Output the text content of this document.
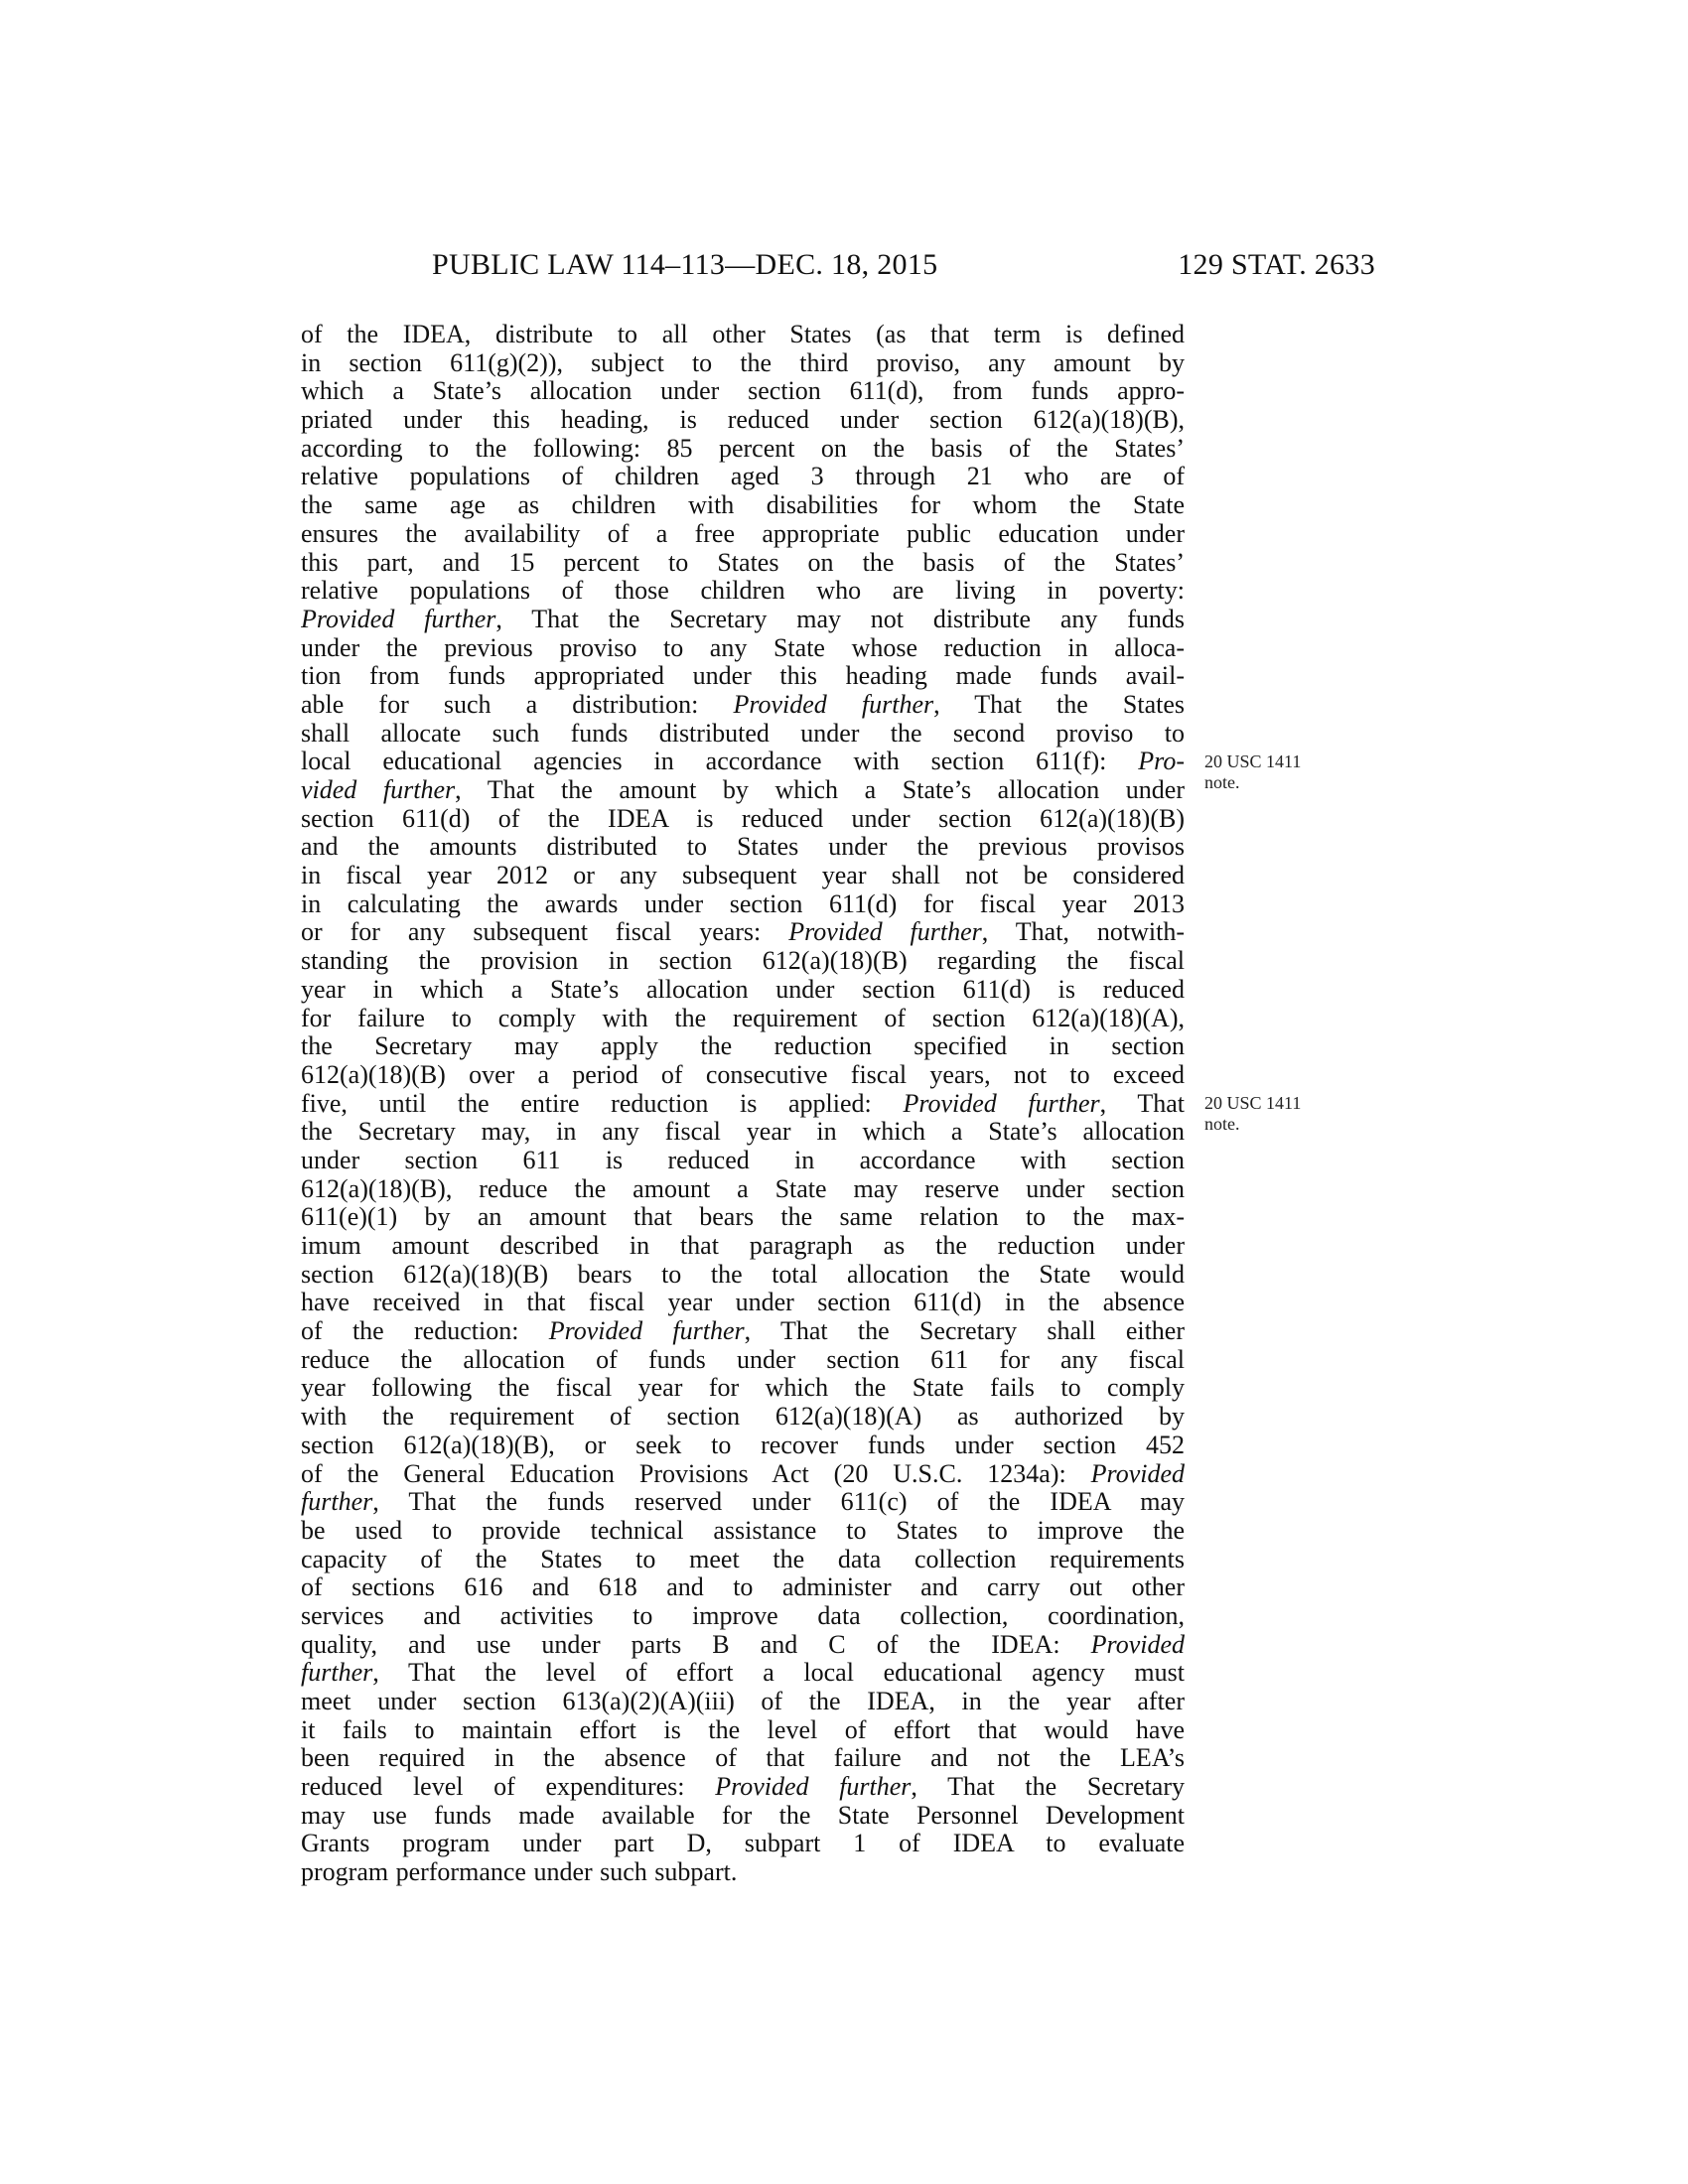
PUBLIC LAW 114–113—DEC. 18, 2015	129 STAT. 2633
of the IDEA, distribute to all other States (as that term is defined
in section 611(g)(2)), subject to the third proviso, any amount by
which a State’s allocation under section 611(d), from funds appro-
priated under this heading, is reduced under section 612(a)(18)(B),
according to the following: 85 percent on the basis of the States’
relative populations of children aged 3 through 21 who are of
the same age as children with disabilities for whom the State
ensures the availability of a free appropriate public education under
this part, and 15 percent to States on the basis of the States’
relative populations of those children who are living in poverty:
Provided further, That the Secretary may not distribute any funds
under the previous proviso to any State whose reduction in alloca-
tion from funds appropriated under this heading made funds avail-
able for such a distribution: Provided further, That the States
shall allocate such funds distributed under the second proviso to
local educational agencies in accordance with section 611(f): Pro-
vided further, That the amount by which a State’s allocation under
section 611(d) of the IDEA is reduced under section 612(a)(18)(B)
and the amounts distributed to States under the previous provisos
in fiscal year 2012 or any subsequent year shall not be considered
in calculating the awards under section 611(d) for fiscal year 2013
or for any subsequent fiscal years: Provided further, That, notwith-
standing the provision in section 612(a)(18)(B) regarding the fiscal
year in which a State’s allocation under section 611(d) is reduced
for failure to comply with the requirement of section 612(a)(18)(A),
the Secretary may apply the reduction specified in section
612(a)(18)(B) over a period of consecutive fiscal years, not to exceed
five, until the entire reduction is applied: Provided further, That
the Secretary may, in any fiscal year in which a State’s allocation
under section 611 is reduced in accordance with section
612(a)(18)(B), reduce the amount a State may reserve under section
611(e)(1) by an amount that bears the same relation to the max-
imum amount described in that paragraph as the reduction under
section 612(a)(18)(B) bears to the total allocation the State would
have received in that fiscal year under section 611(d) in the absence
of the reduction: Provided further, That the Secretary shall either
reduce the allocation of funds under section 611 for any fiscal
year following the fiscal year for which the State fails to comply
with the requirement of section 612(a)(18)(A) as authorized by
section 612(a)(18)(B), or seek to recover funds under section 452
of the General Education Provisions Act (20 U.S.C. 1234a): Provided
further, That the funds reserved under 611(c) of the IDEA may
be used to provide technical assistance to States to improve the
capacity of the States to meet the data collection requirements
of sections 616 and 618 and to administer and carry out other
services and activities to improve data collection, coordination,
quality, and use under parts B and C of the IDEA: Provided
further, That the level of effort a local educational agency must
meet under section 613(a)(2)(A)(iii) of the IDEA, in the year after
it fails to maintain effort is the level of effort that would have
been required in the absence of that failure and not the LEA’s
reduced level of expenditures: Provided further, That the Secretary
may use funds made available for the State Personnel Development
Grants program under part D, subpart 1 of IDEA to evaluate
program performance under such subpart.
20 USC 1411
note.
20 USC 1411
note.
